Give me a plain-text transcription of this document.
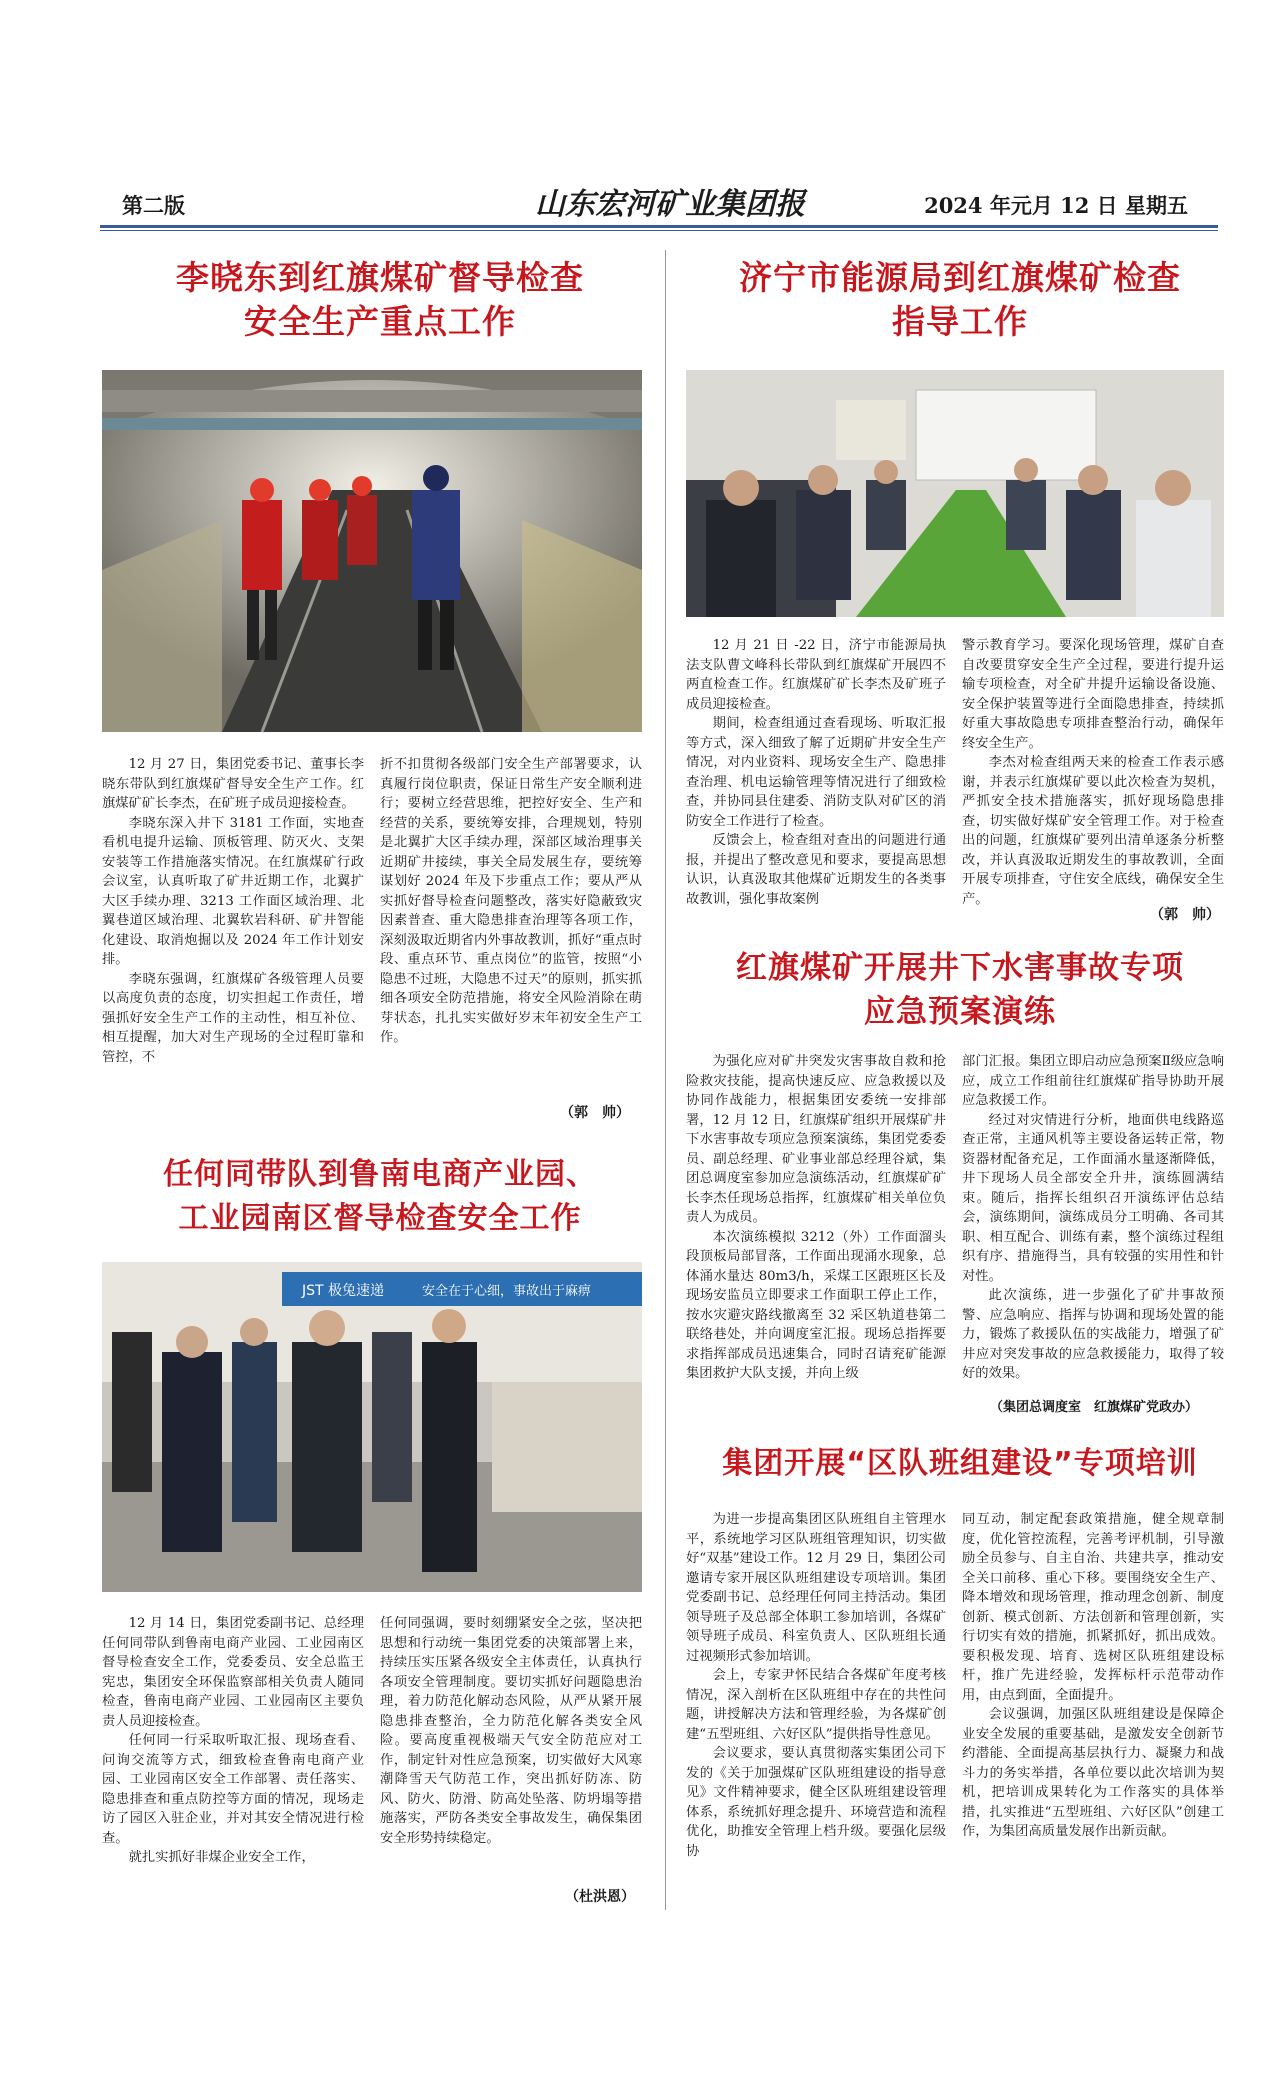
第二版	山东宏河矿业集团报	2024 年元月 12 日 星期五
李晓东到红旗煤矿督导检查
安全生产重点工作

12 月 27 日，集团党委书记、董事长李晓东带队到红旗煤矿督导安全生产工作。红旗煤矿矿长李杰，在矿班子成员迎接检查。

李晓东深入井下 3181 工作面，实地查看机电提升运输、顶板管理、防灭火、支架安装等工作措施落实情况。在红旗煤矿行政会议室，认真听取了矿井近期工作，北翼扩大区手续办理、3213 工作面区域治理、北翼巷道区域治理、北翼软岩科研、矿井智能化建设、取消炮掘以及 2024 年工作计划安排。

李晓东强调，红旗煤矿各级管理人员要以高度负责的态度，切实担起工作责任，增强抓好安全生产工作的主动性，相互补位、相互提醒，加大对生产现场的全过程盯靠和管控，不

折不扣贯彻各级部门安全生产部署要求，认真履行岗位职责，保证日常生产安全顺利进行；要树立经营思维，把控好安全、生产和经营的关系，要统筹安排，合理规划，特别是北翼扩大区手续办理，深部区域治理事关近期矿井接续，事关全局发展生存，要统筹谋划好 2024 年及下步重点工作；要从严从实抓好督导检查问题整改，落实好隐蔽致灾因素普查、重大隐患排查治理等各项工作，深刻汲取近期省内外事故教训，抓好“重点时段、重点环节、重点岗位”的监管，按照“小隐患不过班，大隐患不过天”的原则，抓实抓细各项安全防范措施，将安全风险消除在萌芽状态，扎扎实实做好岁末年初安全生产工作。

（郭　帅）
任何同带队到鲁南电商产业园、
工业园南区督导检查安全工作
JST 极兔速递	安全在于心细，事故出于麻痹

12 月 14 日，集团党委副书记、总经理任何同带队到鲁南电商产业园、工业园南区督导检查安全工作，党委委员、安全总监王宪忠，集团安全环保监察部相关负责人随同检查，鲁南电商产业园、工业园南区主要负责人员迎接检查。

任何同一行采取听取汇报、现场查看、问询交流等方式，细致检查鲁南电商产业园、工业园南区安全工作部署、责任落实、隐患排查和重点防控等方面的情况，现场走访了园区入驻企业，并对其安全情况进行检查。

就扎实抓好非煤企业安全工作，

任何同强调，要时刻绷紧安全之弦，坚决把思想和行动统一集团党委的决策部署上来，持续压实压紧各级安全主体责任，认真执行各项安全管理制度。要切实抓好问题隐患治理，着力防范化解动态风险，从严从紧开展隐患排查整治，全力防范化解各类安全风险。要高度重视极端天气安全防范应对工作，制定针对性应急预案，切实做好大风寒潮降雪天气防范工作，突出抓好防冻、防风、防火、防滑、防高处坠落、防坍塌等措施落实，严防各类安全事故发生，确保集团安全形势持续稳定。

（杜洪恩）
济宁市能源局到红旗煤矿检查
指导工作

12 月 21 日 -22 日，济宁市能源局执法支队曹文峰科长带队到红旗煤矿开展四不两直检查工作。红旗煤矿矿长李杰及矿班子成员迎接检查。

期间，检查组通过查看现场、听取汇报等方式，深入细致了解了近期矿井安全生产情况，对内业资料、现场安全生产、隐患排查治理、机电运输管理等情况进行了细致检查，并协同县住建委、消防支队对矿区的消防安全工作进行了检查。

反馈会上，检查组对查出的问题进行通报，并提出了整改意见和要求，要提高思想认识，认真汲取其他煤矿近期发生的各类事故教训，强化事故案例

警示教育学习。要深化现场管理，煤矿自查自改要贯穿安全生产全过程，要进行提升运输专项检查，对全矿井提升运输设备设施、安全保护装置等进行全面隐患排查，持续抓好重大事故隐患专项排查整治行动，确保年终安全生产。

李杰对检查组两天来的检查工作表示感谢，并表示红旗煤矿要以此次检查为契机，严抓安全技术措施落实，抓好现场隐患排查，切实做好煤矿安全管理工作。对于检查出的问题，红旗煤矿要列出清单逐条分析整改，并认真汲取近期发生的事故教训，全面开展专项排查，守住安全底线，确保安全生产。

（郭　帅）
红旗煤矿开展井下水害事故专项
应急预案演练

为强化应对矿井突发灾害事故自救和抢险救灾技能，提高快速反应、应急救援以及协同作战能力，根据集团安委统一安排部署，12 月 12 日，红旗煤矿组织开展煤矿井下水害事故专项应急预案演练，集团党委委员、副总经理、矿业事业部总经理谷斌，集团总调度室参加应急演练活动，红旗煤矿矿长李杰任现场总指挥，红旗煤矿相关单位负责人为成员。

本次演练模拟 3212（外）工作面溜头段顶板局部冒落，工作面出现涌水现象，总体涌水量达 80m3/h，采煤工区跟班区长及现场安监员立即要求工作面职工停止工作，按水灾避灾路线撤离至 32 采区轨道巷第二联络巷处，并向调度室汇报。现场总指挥要求指挥部成员迅速集合，同时召请兖矿能源集团救护大队支援，并向上级

部门汇报。集团立即启动应急预案Ⅱ级应急响应，成立工作组前往红旗煤矿指导协助开展应急救援工作。

经过对灾情进行分析，地面供电线路巡查正常，主通风机等主要设备运转正常，物资器材配备充足，工作面涌水量逐渐降低，井下现场人员全部安全升井，演练圆满结束。随后，指挥长组织召开演练评估总结会，演练期间，演练成员分工明确、各司其职、相互配合、训练有素，整个演练过程组织有序、措施得当，具有较强的实用性和针对性。

此次演练，进一步强化了矿井事故预警、应急响应、指挥与协调和现场处置的能力，锻炼了救援队伍的实战能力，增强了矿井应对突发事故的应急救援能力，取得了较好的效果。

（集团总调度室　红旗煤矿党政办）
集团开展“区队班组建设”专项培训

为进一步提高集团区队班组自主管理水平，系统地学习区队班组管理知识，切实做好“双基”建设工作。12 月 29 日，集团公司邀请专家开展区队班组建设专项培训。集团党委副书记、总经理任何同主持活动。集团领导班子及总部全体职工参加培训，各煤矿领导班子成员、科室负责人、区队班组长通过视频形式参加培训。

会上，专家尹怀民结合各煤矿年度考核情况，深入剖析在区队班组中存在的共性问题，讲授解决方法和管理经验，为各煤矿创建“五型班组、六好区队”提供指导性意见。

会议要求，要认真贯彻落实集团公司下发的《关于加强煤矿区队班组建设的指导意见》文件精神要求，健全区队班组建设管理体系，系统抓好理念提升、环境营造和流程优化，助推安全管理上档升级。要强化层级协

同互动，制定配套政策措施，健全规章制度，优化管控流程，完善考评机制，引导激励全员参与、自主自治、共建共享，推动安全关口前移、重心下移。要围绕安全生产、降本增效和现场管理，推动理念创新、制度创新、模式创新、方法创新和管理创新，实行切实有效的措施，抓紧抓好，抓出成效。要积极发现、培育、选树区队班组建设标杆，推广先进经验，发挥标杆示范带动作用，由点到面，全面提升。

会议强调，加强区队班组建设是保障企业安全发展的重要基础，是激发安全创新节约潜能、全面提高基层执行力、凝聚力和战斗力的务实举措，各单位要以此次培训为契机，把培训成果转化为工作落实的具体举措，扎实推进“五型班组、六好区队”创建工作，为集团高质量发展作出新贡献。
